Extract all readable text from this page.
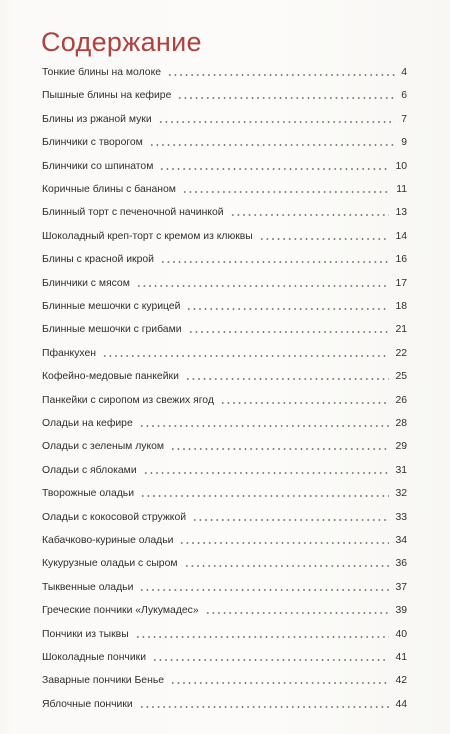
Содержание
Тонкие блины на молоке	4
Пышные блины на кефире	6
Блины из ржаной муки	7
Блинчики с творогом	9
Блинчики со шпинатом	10
Коричные блины с бананом	11
Блинный торт с печеночной начинкой	13
Шоколадный креп-торт с кремом из клюквы	14
Блины с красной икрой	16
Блинчики с мясом	17
Блинные мешочки с курицей	18
Блинные мешочки с грибами	21
Пфанкухен	22
Кофейно-медовые панкейки	25
Панкейки с сиропом из свежих ягод	26
Оладьи на кефире	28
Оладьи с зеленым луком	29
Оладьи с яблоками	31
Творожные оладьи	32
Оладьи с кокосовой стружкой	33
Кабачково-куриные оладьи	34
Кукурузные оладьи с сыром	36
Тыквенные оладьи	37
Греческие пончики «Лукумадес»	39
Пончики из тыквы	40
Шоколадные пончики	41
Заварные пончики Бенье	42
Яблочные пончики	44
